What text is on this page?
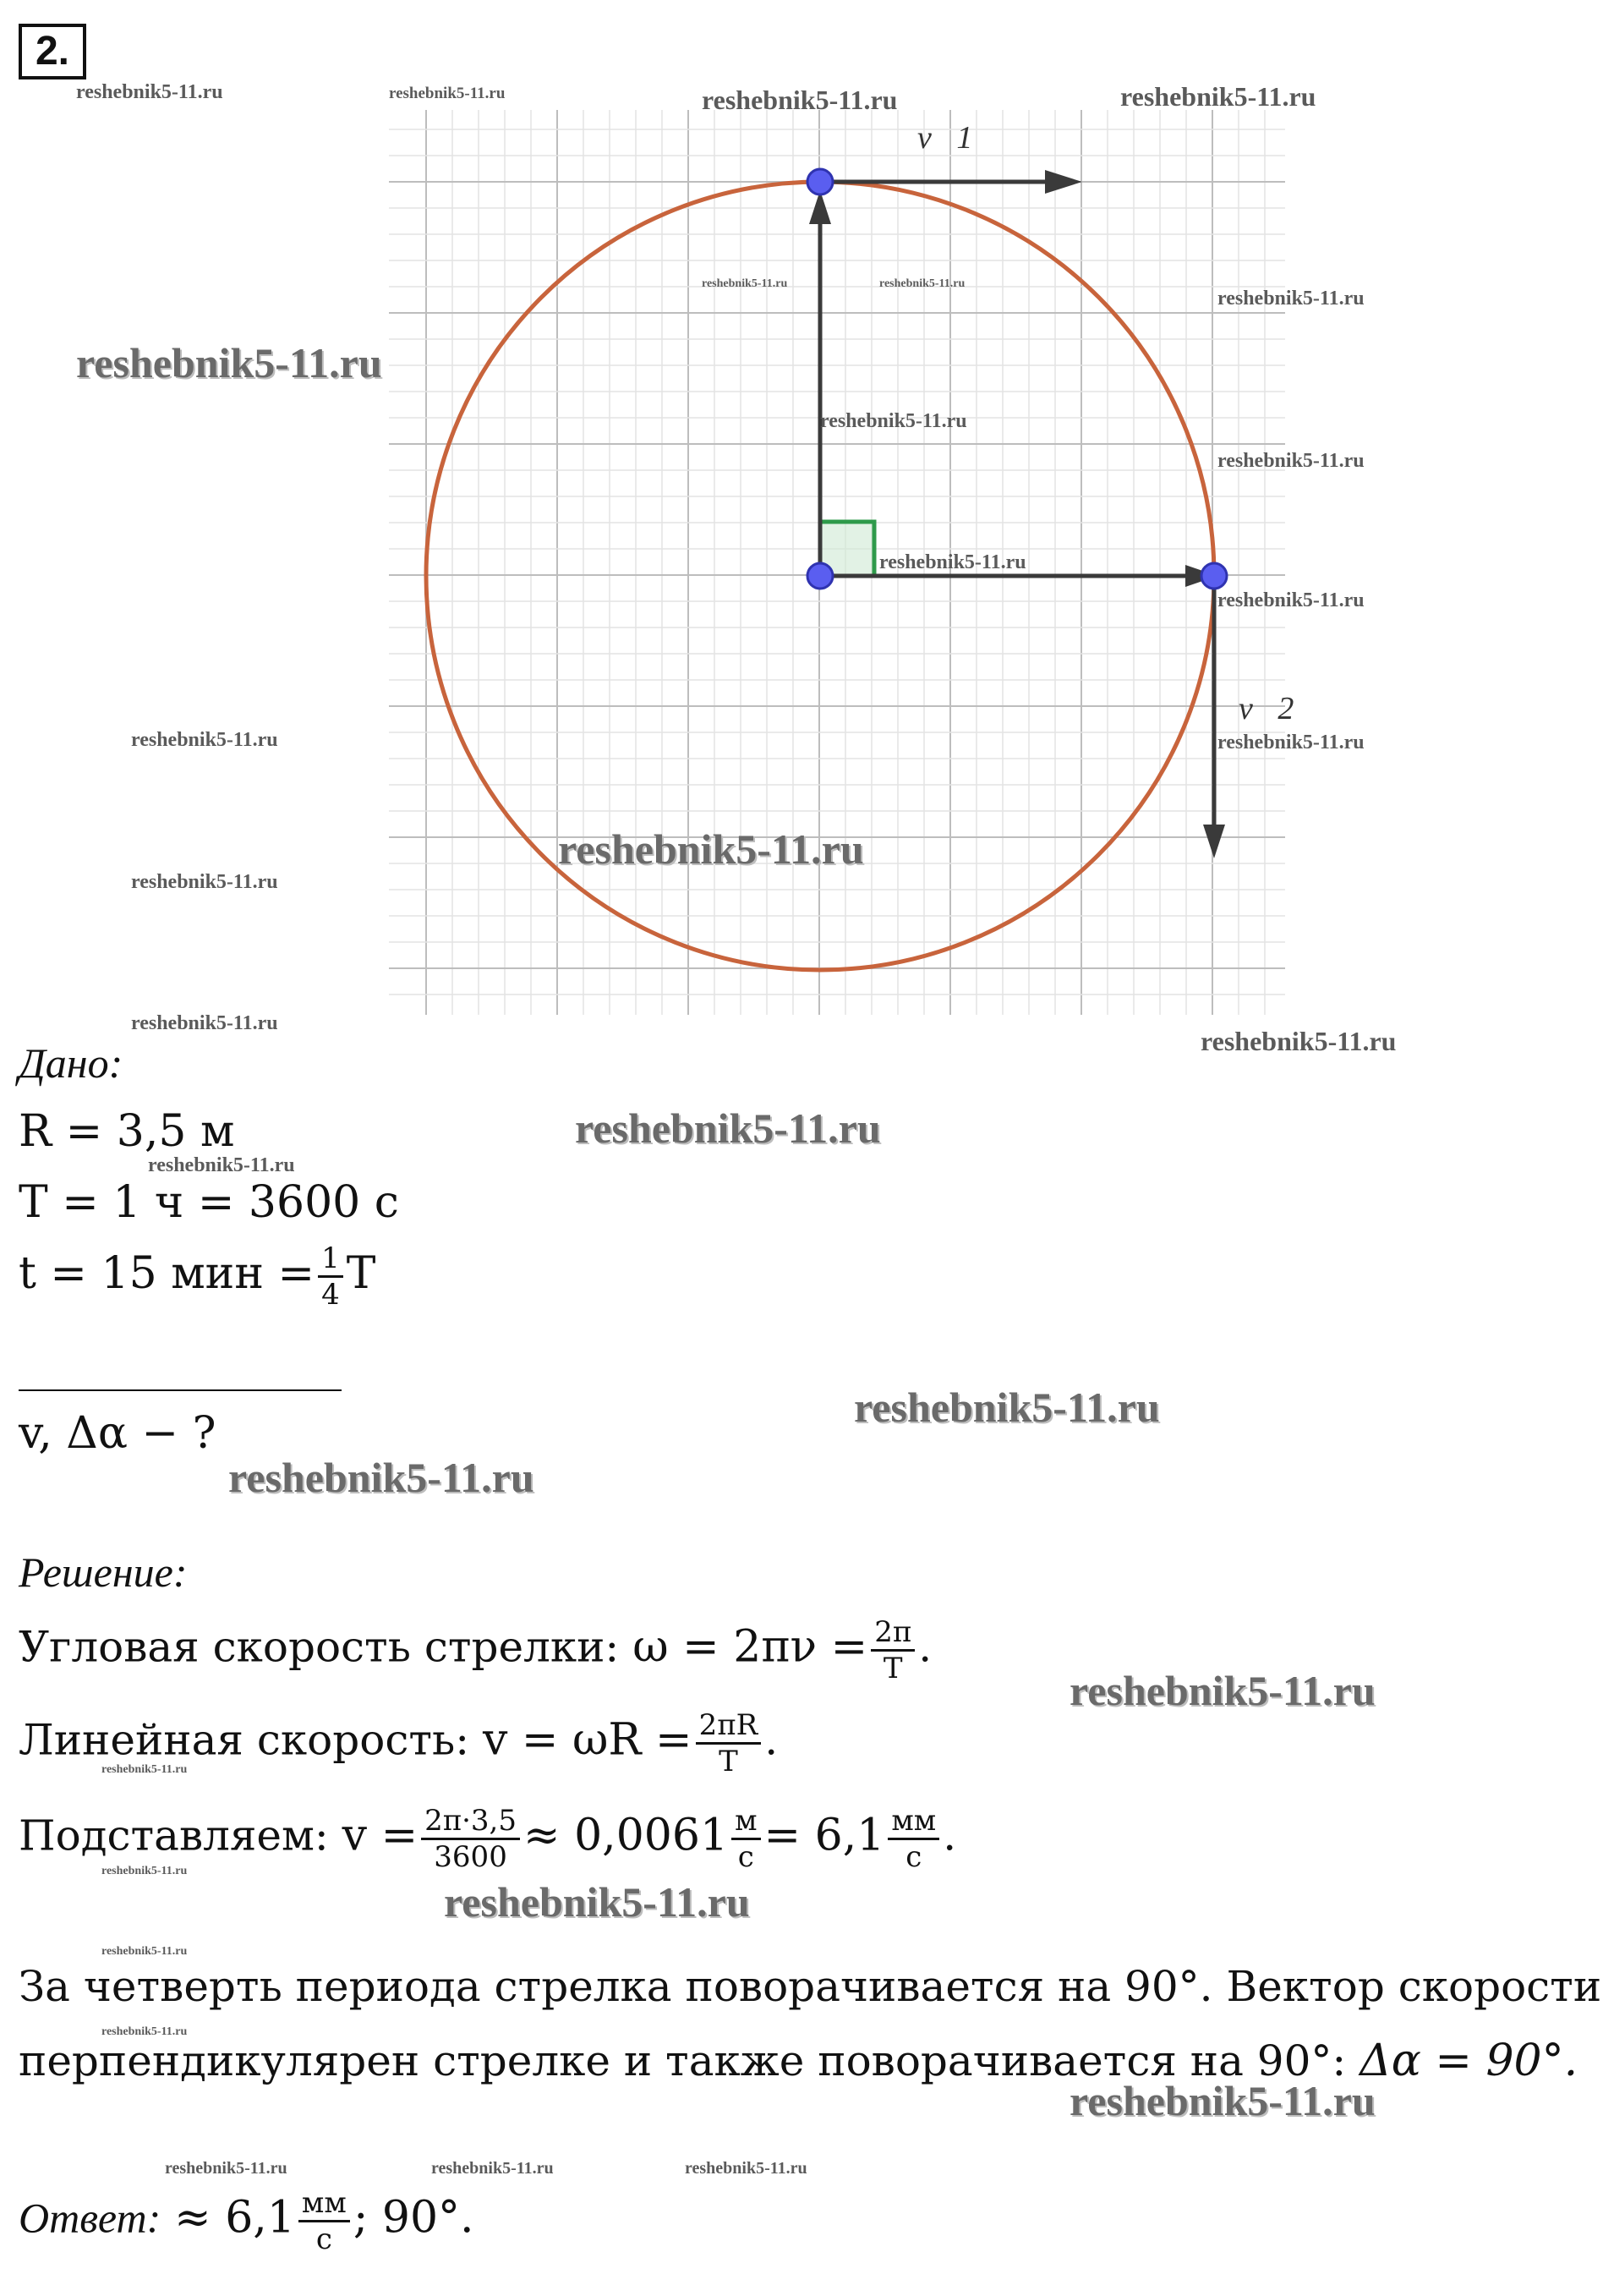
2.
v⃗1
v⃗2
reshebnik5-11.ru	reshebnik5-11.ru	reshebnik5-11.ru	reshebnik5-11.ru
reshebnik5-11.ru	reshebnik5-11.ru
reshebnik5-11.ru
reshebnik5-11.ru
reshebnik5-11.ru
reshebnik5-11.ru
reshebnik5-11.ru
reshebnik5-11.ru
reshebnik5-11.ru	reshebnik5-11.ru
reshebnik5-11.ru
reshebnik5-11.ru
reshebnik5-11.ru
reshebnik5-11.ru
reshebnik5-11.ru
reshebnik5-11.ru
reshebnik5-11.ru
reshebnik5-11.ru
reshebnik5-11.ru
reshebnik5-11.ru
reshebnik5-11.ru
reshebnik5-11.ru
reshebnik5-11.ru
reshebnik5-11.ru
reshebnik5-11.ru
reshebnik5-11.ru	reshebnik5-11.ru	reshebnik5-11.ru
Дано:
R = 3,5 м
T = 1 ч = 3600 с
t = 15 мин = $\frac{1}{4}$ T
v, Δα − ?
Решение:
Угловая скорость стрелки: $\omega = 2\pi\nu = \frac{2\pi}{T}$ .
Линейная скорость: $v = \omega R = \frac{2\pi R}{T}$ .
Подставляем: $v = \frac{2\pi\cdot 3,5}{3600} \approx 0,0061 \frac{м}{с} = 6,1 \frac{мм}{с}$ .
За четверть периода стрелка поворачивается на 90°. Вектор скорости
перпендикулярен стрелке и также поворачивается на 90°: Δα = 90°.
Ответ: ≈ $6,1 \frac{мм}{с}$ ; 90°.
